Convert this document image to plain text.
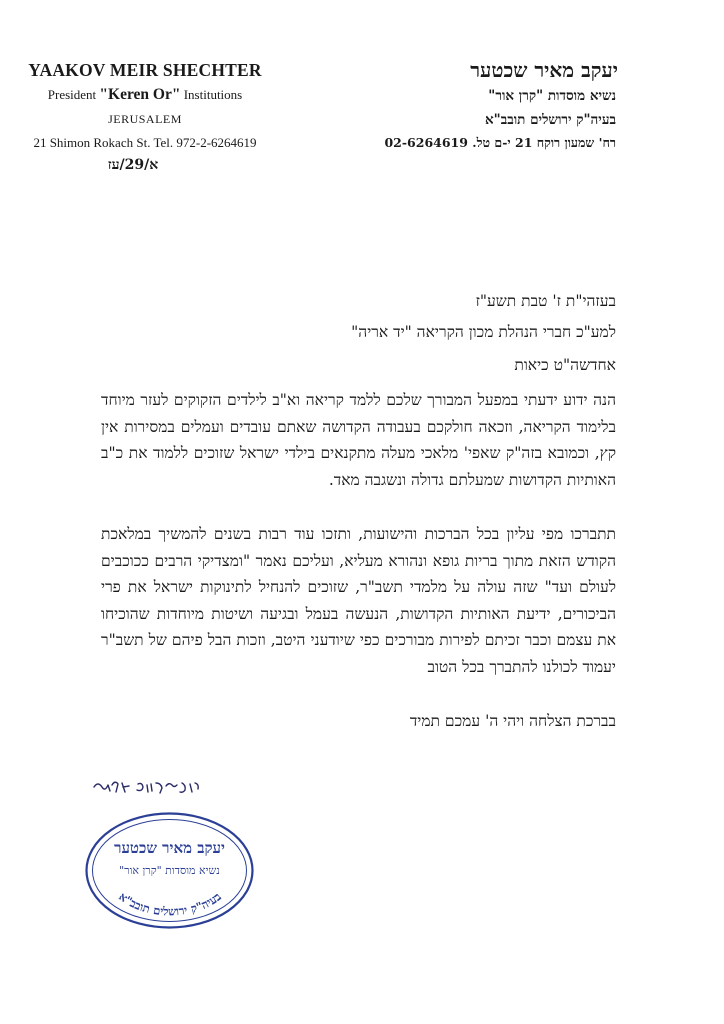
YAAKOV MEIR SHECHTER
President "Keren Or" Institutions
JERUSALEM
21 Shimon Rokach St. Tel. 972-2-6264619
א/29/עז
יעקב מאיר שכטער
נשיא מוסדות "קרן אור"
בעיה"ק ירושלים תובב"א
רח' שמעון רוקח 21 י-ם טל. 02-6264619
בעזהי"ת ז' טבת תשע"ז
למע"כ חברי הנהלת מכון הקריאה "יד אריה"
אחדשה"ט כיאות
הנה ידוע ידעתי במפעל המבורך שלכם ללמד קריאה וא"ב לילדים הזקוקים לעזר מיוחד בלימוד הקריאה, וזכאה חולקכם בעבודה הקדושה שאתם עובדים ועמלים במסירות אין קץ, וכמובא בזה"ק שאפי' מלאכי מעלה מתקנאים בילדי ישראל שזוכים ללמוד את כ"ב האותיות הקדושות שמעלתם גדולה ונשגבה מאד.
תתברכו מפי עליון בכל הברכות והישועות, ותזכו עוד רבות בשנים להמשיך במלאכת הקודש הזאת מתוך בריות גופא ונהורא מעליא, ועליכם נאמר "ומצדיקי הרבים ככוכבים לעולם ועד" שזה עולה על מלמדי תשב"ר, שזוכים להנחיל לתינוקות ישראל את פרי הביכורים, ידיעת האותיות הקדושות, הנעשה בעמל ובגיעה ושיטות מיוחדות שהוכיחו את עצמם וכבר זכיתם לפירות מבורכים כפי שיודעני היטב, וזכות הבל פיהם של תשב"ר יעמוד לכולנו להתברך בכל הטוב
בברכת הצלחה ויהי ה' עמכם תמיד
יעקב מאיר שכטער
נשיא מוסדות "קרן אור"
בעיה"ק ירושלים תובב"א
